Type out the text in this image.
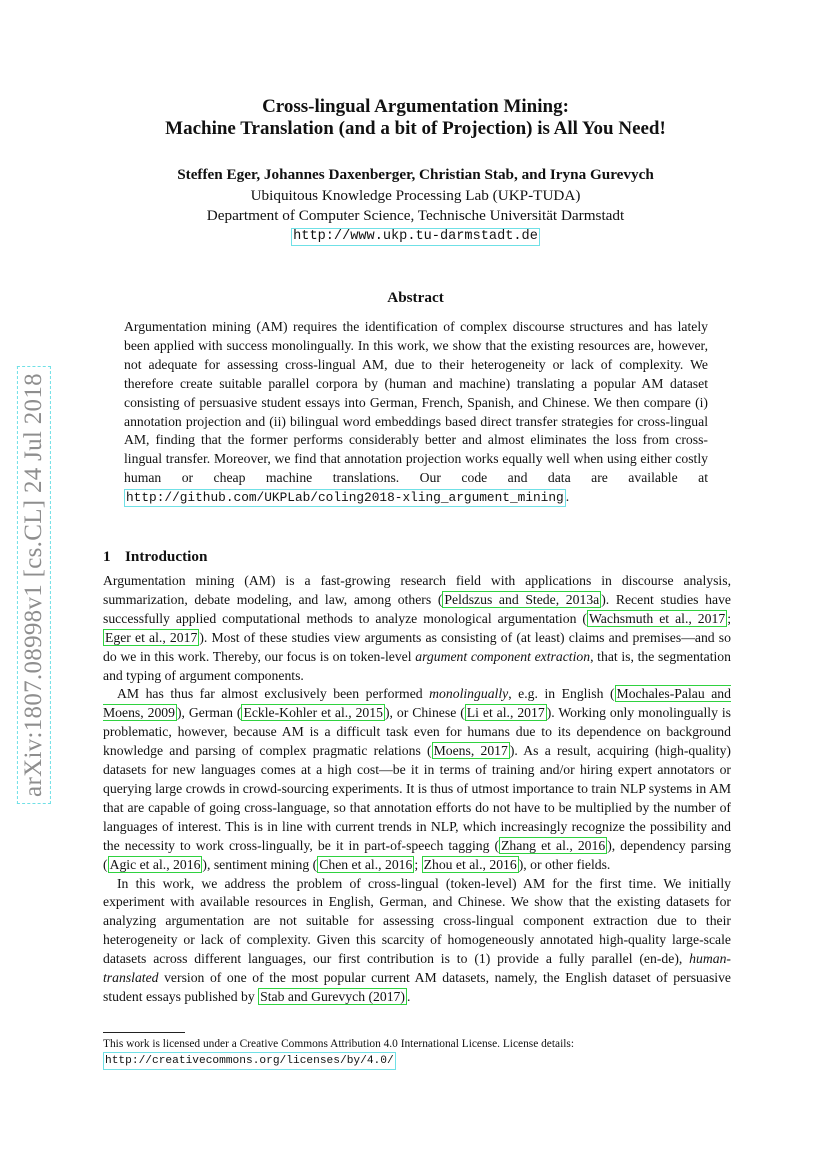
arXiv:1807.08998v1 [cs.CL] 24 Jul 2018
Cross-lingual Argumentation Mining:
Machine Translation (and a bit of Projection) is All You Need!
Steffen Eger, Johannes Daxenberger, Christian Stab, and Iryna Gurevych
Ubiquitous Knowledge Processing Lab (UKP-TUDA)
Department of Computer Science, Technische Universität Darmstadt
http://www.ukp.tu-darmstadt.de
Abstract
Argumentation mining (AM) requires the identification of complex discourse structures and has lately been applied with success monolingually. In this work, we show that the existing resources are, however, not adequate for assessing cross-lingual AM, due to their heterogeneity or lack of complexity. We therefore create suitable parallel corpora by (human and machine) translating a popular AM dataset consisting of persuasive student essays into German, French, Spanish, and Chinese. We then compare (i) annotation projection and (ii) bilingual word embeddings based direct transfer strategies for cross-lingual AM, finding that the former performs considerably better and almost eliminates the loss from cross-lingual transfer. Moreover, we find that annotation projection works equally well when using either costly human or cheap machine translations. Our code and data are available at http://github.com/UKPLab/coling2018-xling_argument_mining .
1 Introduction

Argumentation mining (AM) is a fast-growing research field with applications in discourse analysis, summarization, debate modeling, and law, among others ( Peldszus and Stede, 2013a ). Recent studies have successfully applied computational methods to analyze monological argumentation ( Wachsmuth et al., 2017 ; Eger et al., 2017 ). Most of these studies view arguments as consisting of (at least) claims and premises—and so do we in this work. Thereby, our focus is on token-level argument component extraction, that is, the segmentation and typing of argument components.

AM has thus far almost exclusively been performed monolingually, e.g. in English ( Mochales-Palau and Moens, 2009 ), German ( Eckle-Kohler et al., 2015 ), or Chinese ( Li et al., 2017 ). Working only monolingually is problematic, however, because AM is a difficult task even for humans due to its dependence on background knowledge and parsing of complex pragmatic relations ( Moens, 2017 ). As a result, acquiring (high-quality) datasets for new languages comes at a high cost—be it in terms of training and/or hiring expert annotators or querying large crowds in crowd-sourcing experiments. It is thus of utmost importance to train NLP systems in AM that are capable of going cross-language, so that annotation efforts do not have to be multiplied by the number of languages of interest. This is in line with current trends in NLP, which increasingly recognize the possibility and the necessity to work cross-lingually, be it in part-of-speech tagging ( Zhang et al., 2016 ), dependency parsing ( Agic et al., 2016 ), sentiment mining ( Chen et al., 2016 ; Zhou et al., 2016 ), or other fields.

In this work, we address the problem of cross-lingual (token-level) AM for the first time. We initially experiment with available resources in English, German, and Chinese. We show that the existing datasets for analyzing argumentation are not suitable for assessing cross-lingual component extraction due to their heterogeneity or lack of complexity. Given this scarcity of homogeneously annotated high-quality large-scale datasets across different languages, our first contribution is to (1) provide a fully parallel (en-de), human-translated version of one of the most popular current AM datasets, namely, the English dataset of persuasive student essays published by Stab and Gurevych (2017) .

This work is licensed under a Creative Commons Attribution 4.0 International License. License details:
http://creativecommons.org/licenses/by/4.0/
